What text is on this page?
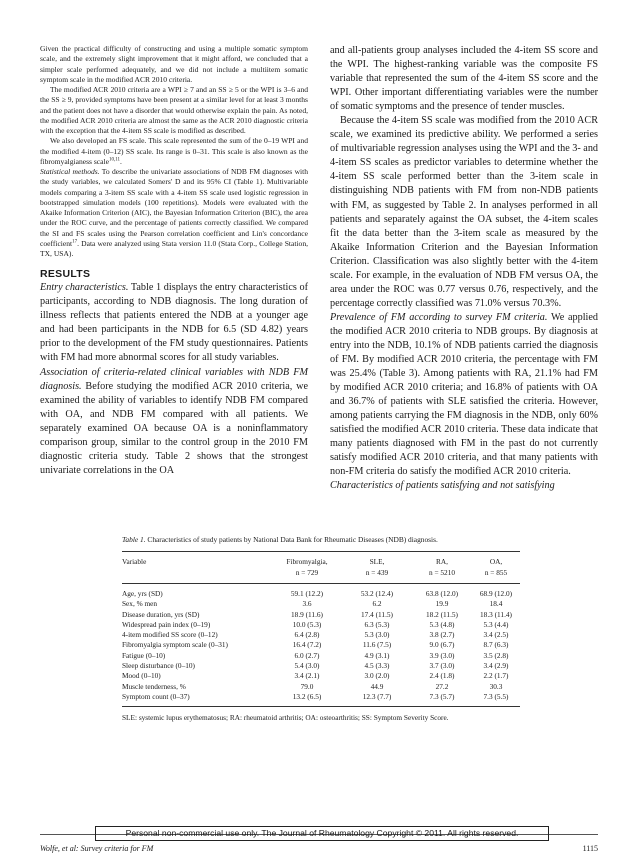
Given the practical difficulty of constructing and using a multiple somatic symptom scale, and the extremely slight improvement that it might afford, we concluded that a simpler scale performed adequately, and we did not include a multiitem somatic symptom scale in the modified ACR 2010 criteria.

The modified ACR 2010 criteria are a WPI ≥ 7 and an SS ≥ 5 or the WPI is 3–6 and the SS ≥ 9, provided symptoms have been present at a similar level for at least 3 months and the patient does not have a disorder that would otherwise explain the pain. As noted, the modified ACR 2010 criteria are almost the same as the ACR 2010 diagnostic criteria with the exception that the 4-item SS scale is modified as described.

We also developed an FS scale. This scale represented the sum of the 0–19 WPI and the modified 4-item (0–12) SS scale. Its range is 0–31. This scale is also known as the fibromyalgianess scale$^{10,11}$.

Statistical methods. To describe the univariate associations of NDB FM diagnoses with the study variables, we calculated Somers' D and its 95% CI (Table 1). Multivariable models comparing a 3-item SS scale with a 4-item SS scale used logistic regression in bootstrapped simulation models (100 repetitions). Models were evaluated with the Akaike Information Criterion (AIC), the Bayesian Information Criterion (BIC), the area under the ROC curve, and the percentage of patients correctly classified. We compared the SI and FS scales using the Pearson correlation coefficient and Lin's concordance coefficient$^{17}$. Data were analyzed using Stata version 11.0 (Stata Corp., College Station, TX, USA).

RESULTS

Entry characteristics. Table 1 displays the entry characteristics of participants, according to NDB diagnosis. The long duration of illness reflects that patients entered the NDB at a younger age and had been participants in the NDB for 6.5 (SD 4.82) years prior to the development of the FM study questionnaires. Patients with FM had more abnormal scores for all study variables.

Association of criteria-related clinical variables with NDB FM diagnosis. Before studying the modified ACR 2010 criteria, we examined the ability of variables to identify NDB FM compared with OA, and NDB FM compared with all patients. We separately examined OA because OA is a noninflammatory comparison group, similar to the control group in the 2010 FM diagnostic criteria study. Table 2 shows that the strongest univariate correlations in the OA

and all-patients group analyses included the 4-item SS score and the WPI. The highest-ranking variable was the composite FS variable that represented the sum of the 4-item SS score and the WPI. Other important differentiating variables were the number of somatic symptoms and the presence of tender muscles.

Because the 4-item SS scale was modified from the 2010 ACR scale, we examined its predictive ability. We performed a series of multivariable regression analyses using the WPI and the 3- and 4-item SS scales as predictor variables to determine whether the 4-item SS scale performed better than the 3-item scale in distinguishing NDB patients with FM from non-NDB patients with FM, as suggested by Table 2. In analyses performed in all patients and separately against the OA subset, the 4-item scales fit the data better than the 3-item scale as measured by the Akaike Information Criterion and the Bayesian Information Criterion. Classification was also slightly better with the 4-item scale. For example, in the evaluation of NDB FM versus OA, the area under the ROC was 0.77 versus 0.76, respectively, and the percentage correctly classified was 71.0% versus 70.3%.

Prevalence of FM according to survey FM criteria. We applied the modified ACR 2010 criteria to NDB groups. By diagnosis at entry into the NDB, 10.1% of NDB patients carried the diagnosis of FM. By modified ACR 2010 criteria, the percentage with FM was 25.4% (Table 3). Among patients with RA, 21.1% had FM by modified ACR 2010 criteria; and 16.8% of patients with OA and 36.7% of patients with SLE satisfied the criteria. However, among patients carrying the FM diagnosis in the NDB, only 60% satisfied the modified ACR 2010 criteria. These data indicate that many patients diagnosed with FM in the past do not currently satisfy modified ACR 2010 criteria, and that many patients with non-FM criteria do satisfy the modified ACR 2010 criteria.

Characteristics of patients satisfying and not satisfying

Table 1. Characteristics of study patients by National Data Bank for Rheumatic Diseases (NDB) diagnosis.
Variable	Fibromyalgia,	SLE,	RA,	OA,
	n = 729	n = 439	n = 5210	n = 855
Age, yrs (SD)	59.1 (12.2)	53.2 (12.4)	63.8 (12.0)	68.9 (12.0)
Sex, % men	3.6	6.2	19.9	18.4
Disease duration, yrs (SD)	18.9 (11.6)	17.4 (11.5)	18.2 (11.5)	18.3 (11.4)
Widespread pain index (0–19)	10.0 (5.3)	6.3 (5.3)	5.3 (4.8)	5.3 (4.4)
4-item modified SS score (0–12)	6.4 (2.8)	5.3 (3.0)	3.8 (2.7)	3.4 (2.5)
Fibromyalgia symptom scale (0–31)	16.4 (7.2)	11.6 (7.5)	9.0 (6.7)	8.7 (6.3)
Fatigue (0–10)	6.0 (2.7)	4.9 (3.1)	3.9 (3.0)	3.5 (2.8)
Sleep disturbance (0–10)	5.4 (3.0)	4.5 (3.3)	3.7 (3.0)	3.4 (2.9)
Mood (0–10)	3.4 (2.1)	3.0 (2.0)	2.4 (1.8)	2.2 (1.7)
Muscle tenderness, %	79.0	44.9	27.2	30.3
Symptom count (0–37)	13.2 (6.5)	12.3 (7.7)	7.3 (5.7)	7.3 (5.5)
SLE: systemic lupus erythematosus; RA: rheumatoid arthritis; OA: osteoarthritis; SS: Symptom Severity Score.
Personal non-commercial use only. The Journal of Rheumatology Copyright © 2011. All rights reserved.
Wolfe, et al: Survey criteria for FM	1115
